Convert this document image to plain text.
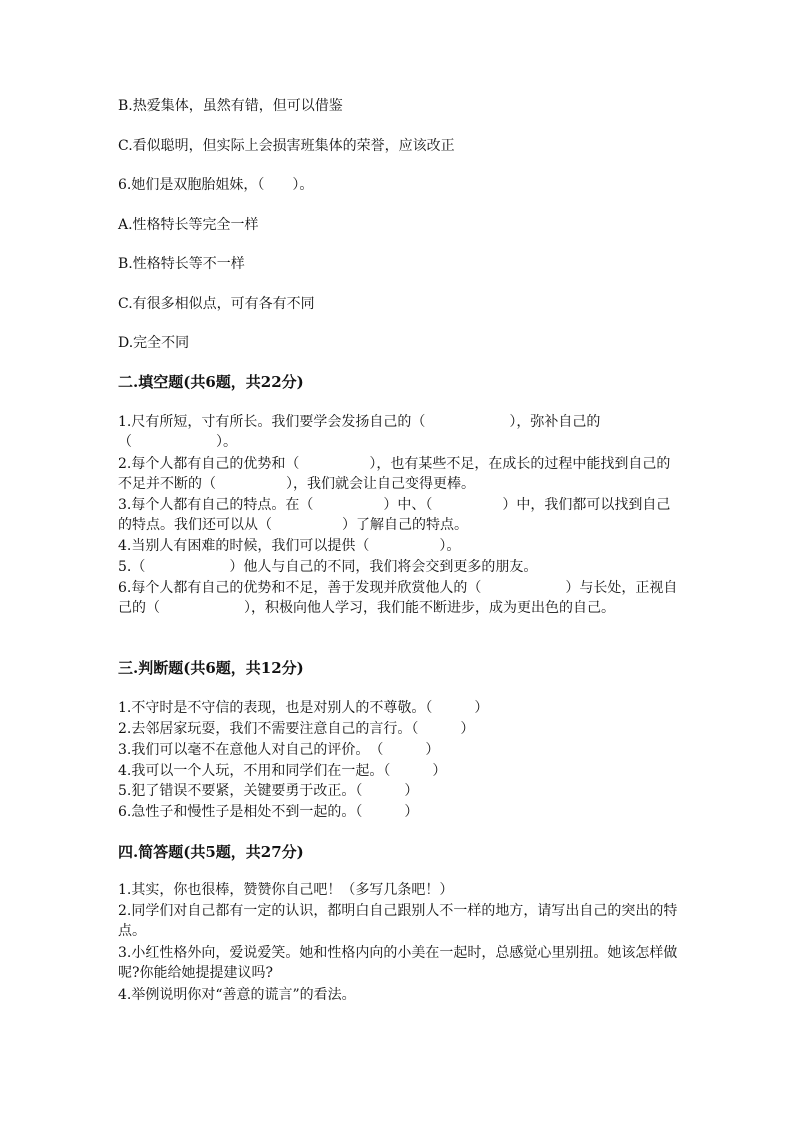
B.热爱集体，虽然有错，但可以借鉴
C.看似聪明，但实际上会损害班集体的荣誉，应该改正
6.她们是双胞胎姐妹，（　　）。
A.性格特长等完全一样
B.性格特长等不一样
C.有很多相似点，可有各有不同
D.完全不同
二.填空题(共6题，共22分)
1.尺有所短，寸有所长。我们要学会发扬自己的（　　　　　　），弥补自己的（　　　　　　）。
2.每个人都有自己的优势和（　　　　　），也有某些不足，在成长的过程中能找到自己的不足并不断的（　　　　　），我们就会让自己变得更棒。
3.每个人都有自己的特点。在（　　　　　）中、（　　　　　）中，我们都可以找到自己的特点。我们还可以从（　　　　　）了解自己的特点。
4.当别人有困难的时候，我们可以提供（　　　　　）。
5.（　　　　　　）他人与自己的不同，我们将会交到更多的朋友。
6.每个人都有自己的优势和不足，善于发现并欣赏他人的（　　　　　　）与长处，正视自己的（　　　　　　），积极向他人学习，我们能不断进步，成为更出色的自己。
三.判断题(共6题，共12分)
1.不守时是不守信的表现，也是对别人的不尊敬。（　　　）
2.去邻居家玩耍，我们不需要注意自己的言行。（　　　）
3.我们可以毫不在意他人对自己的评价。　（　　　）
4.我可以一个人玩，不用和同学们在一起。（　　　）
5.犯了错误不要紧，关键要勇于改正。（　　　）
6.急性子和慢性子是相处不到一起的。（　　　）
四.简答题(共5题，共27分)
1.其实，你也很棒，赞赞你自己吧！（多写几条吧！）
2.同学们对自己都有一定的认识，都明白自己跟别人不一样的地方，请写出自己的突出的特点。
3.小红性格外向，爱说爱笑。她和性格内向的小美在一起时，总感觉心里别扭。她该怎样做呢?你能给她提提建议吗?
4.举例说明你对“善意的谎言”的看法。
